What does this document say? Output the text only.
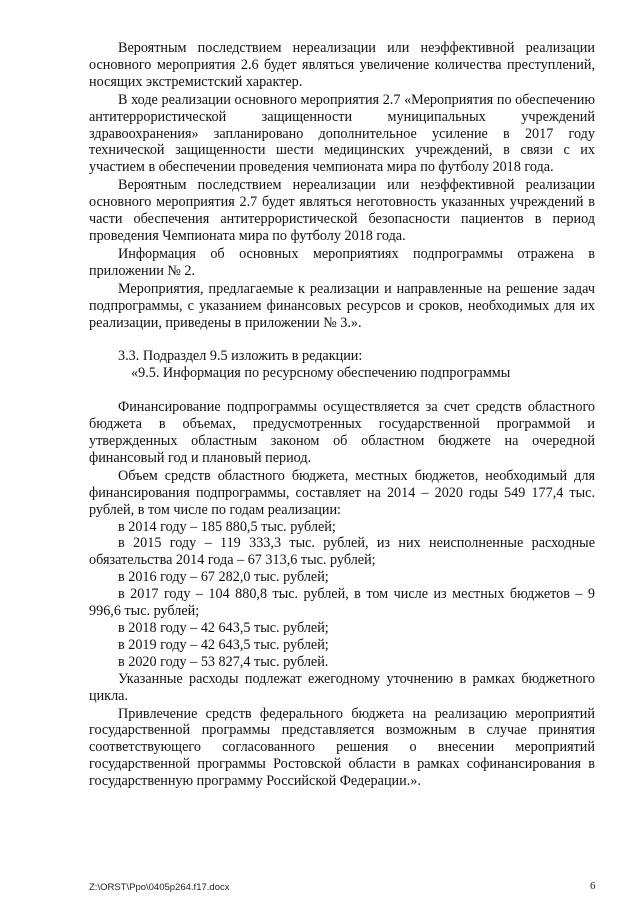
Вероятным последствием нереализации или неэффективной реализации основного мероприятия 2.6 будет являться увеличение количества преступлений, носящих экстремистский характер.

В ходе реализации основного мероприятия 2.7 «Мероприятия по обеспечению антитеррористической защищенности муниципальных учреждений здравоохранения» запланировано дополнительное усиление в 2017 году технической защищенности шести медицинских учреждений, в связи с их участием в обеспечении проведения чемпионата мира по футболу 2018 года.

Вероятным последствием нереализации или неэффективной реализации основного мероприятия 2.7 будет являться неготовность указанных учреждений в части обеспечения антитеррористической безопасности пациентов в период проведения Чемпионата мира по футболу 2018 года.

Информация об основных мероприятиях подпрограммы отражена в приложении № 2.

Мероприятия, предлагаемые к реализации и направленные на решение задач подпрограммы, с указанием финансовых ресурсов и сроков, необходимых для их реализации, приведены в приложении № 3.».

3.3. Подраздел 9.5 изложить в редакции:

«9.5. Информация по ресурсному обеспечению подпрограммы

Финансирование подпрограммы осуществляется за счет средств областного бюджета в объемах, предусмотренных государственной программой и утвержденных областным законом об областном бюджете на очередной финансовый год и плановый период.

Объем средств областного бюджета, местных бюджетов, необходимый для финансирования подпрограммы, составляет на 2014 – 2020 годы 549 177,4 тыс. рублей, в том числе по годам реализации:

в 2014 году – 185 880,5 тыс. рублей;

в 2015 году – 119 333,3 тыс. рублей, из них неисполненные расходные обязательства 2014 года – 67 313,6 тыс. рублей;

в 2016 году – 67 282,0 тыс. рублей;

в 2017 году – 104 880,8 тыс. рублей, в том числе из местных бюджетов – 9 996,6 тыс. рублей;

в 2018 году – 42 643,5 тыс. рублей;

в 2019 году – 42 643,5 тыс. рублей;

в 2020 году – 53 827,4 тыс. рублей.

Указанные расходы подлежат ежегодному уточнению в рамках бюджетного цикла.

Привлечение средств федерального бюджета на реализацию мероприятий государственной программы представляется возможным в случае принятия соответствующего согласованного решения о внесении мероприятий государственной программы Ростовской области в рамках софинансирования в государственную программу Российской Федерации.».

Z:\ORST\Ppo\0405p264.f17.docx	6
